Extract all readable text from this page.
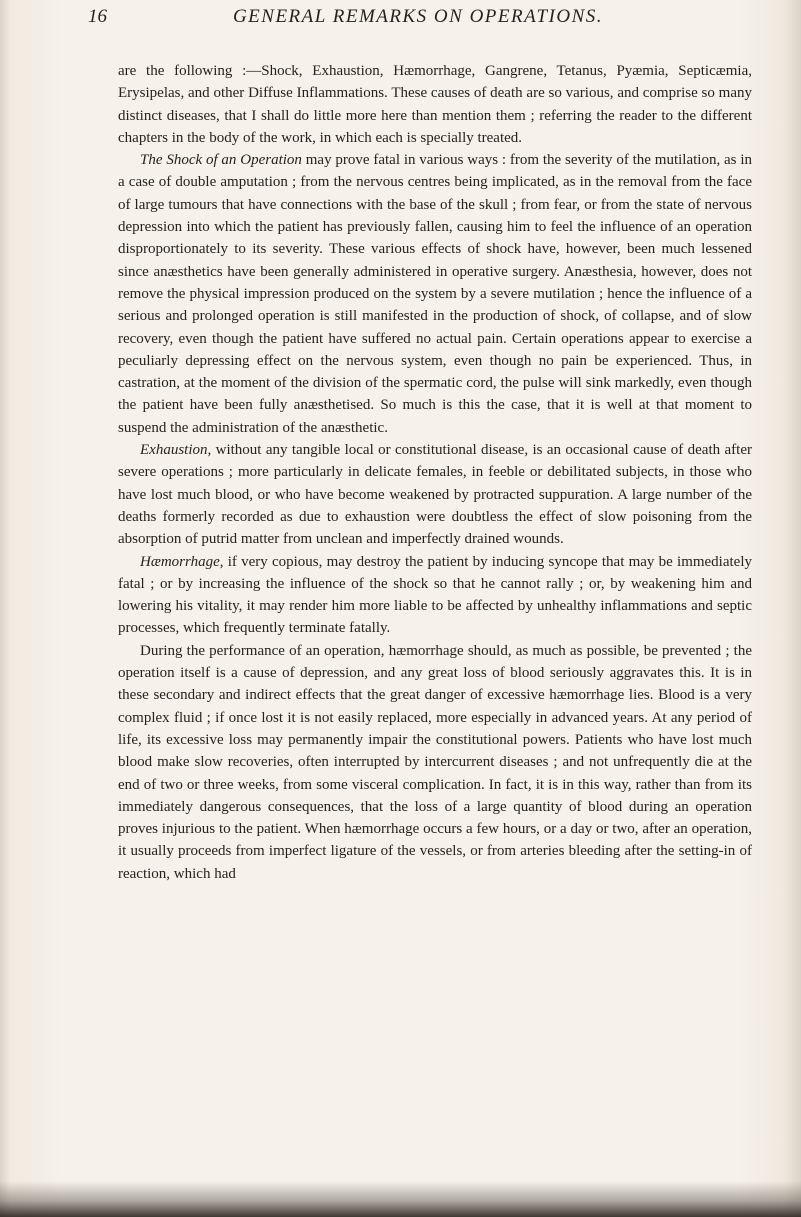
16	GENERAL REMARKS ON OPERATIONS.

are the following :—Shock, Exhaustion, Hæmorrhage, Gangrene, Tetanus, Pyæmia, Septicæmia, Erysipelas, and other Diffuse Inflammations. These causes of death are so various, and comprise so many distinct diseases, that I shall do little more here than mention them ; referring the reader to the different chapters in the body of the work, in which each is specially treated.

The Shock of an Operation may prove fatal in various ways : from the severity of the mutilation, as in a case of double amputation ; from the nervous centres being implicated, as in the removal from the face of large tumours that have connections with the base of the skull ; from fear, or from the state of nervous depression into which the patient has previously fallen, causing him to feel the influence of an operation disproportionately to its severity. These various effects of shock have, however, been much lessened since anæsthetics have been generally administered in operative surgery. Anæsthesia, however, does not remove the physical impression produced on the system by a severe mutilation ; hence the influence of a serious and prolonged operation is still manifested in the production of shock, of collapse, and of slow recovery, even though the patient have suffered no actual pain. Certain operations appear to exercise a peculiarly depressing effect on the nervous system, even though no pain be experienced. Thus, in castration, at the moment of the division of the spermatic cord, the pulse will sink markedly, even though the patient have been fully anæsthetised. So much is this the case, that it is well at that moment to suspend the administration of the anæsthetic.

Exhaustion, without any tangible local or constitutional disease, is an occasional cause of death after severe operations ; more particularly in delicate females, in feeble or debilitated subjects, in those who have lost much blood, or who have become weakened by protracted suppuration. A large number of the deaths formerly recorded as due to exhaustion were doubtless the effect of slow poisoning from the absorption of putrid matter from unclean and imperfectly drained wounds.

Hæmorrhage, if very copious, may destroy the patient by inducing syncope that may be immediately fatal ; or by increasing the influence of the shock so that he cannot rally ; or, by weakening him and lowering his vitality, it may render him more liable to be affected by unhealthy inflammations and septic processes, which frequently terminate fatally.

During the performance of an operation, hæmorrhage should, as much as possible, be prevented ; the operation itself is a cause of depression, and any great loss of blood seriously aggravates this. It is in these secondary and indirect effects that the great danger of excessive hæmorrhage lies. Blood is a very complex fluid ; if once lost it is not easily replaced, more especially in advanced years. At any period of life, its excessive loss may permanently impair the constitutional powers. Patients who have lost much blood make slow recoveries, often interrupted by intercurrent diseases ; and not unfrequently die at the end of two or three weeks, from some visceral complication. In fact, it is in this way, rather than from its immediately dangerous consequences, that the loss of a large quantity of blood during an operation proves injurious to the patient. When hæmorrhage occurs a few hours, or a day or two, after an operation, it usually proceeds from imperfect ligature of the vessels, or from arteries bleeding after the setting-in of reaction, which had
